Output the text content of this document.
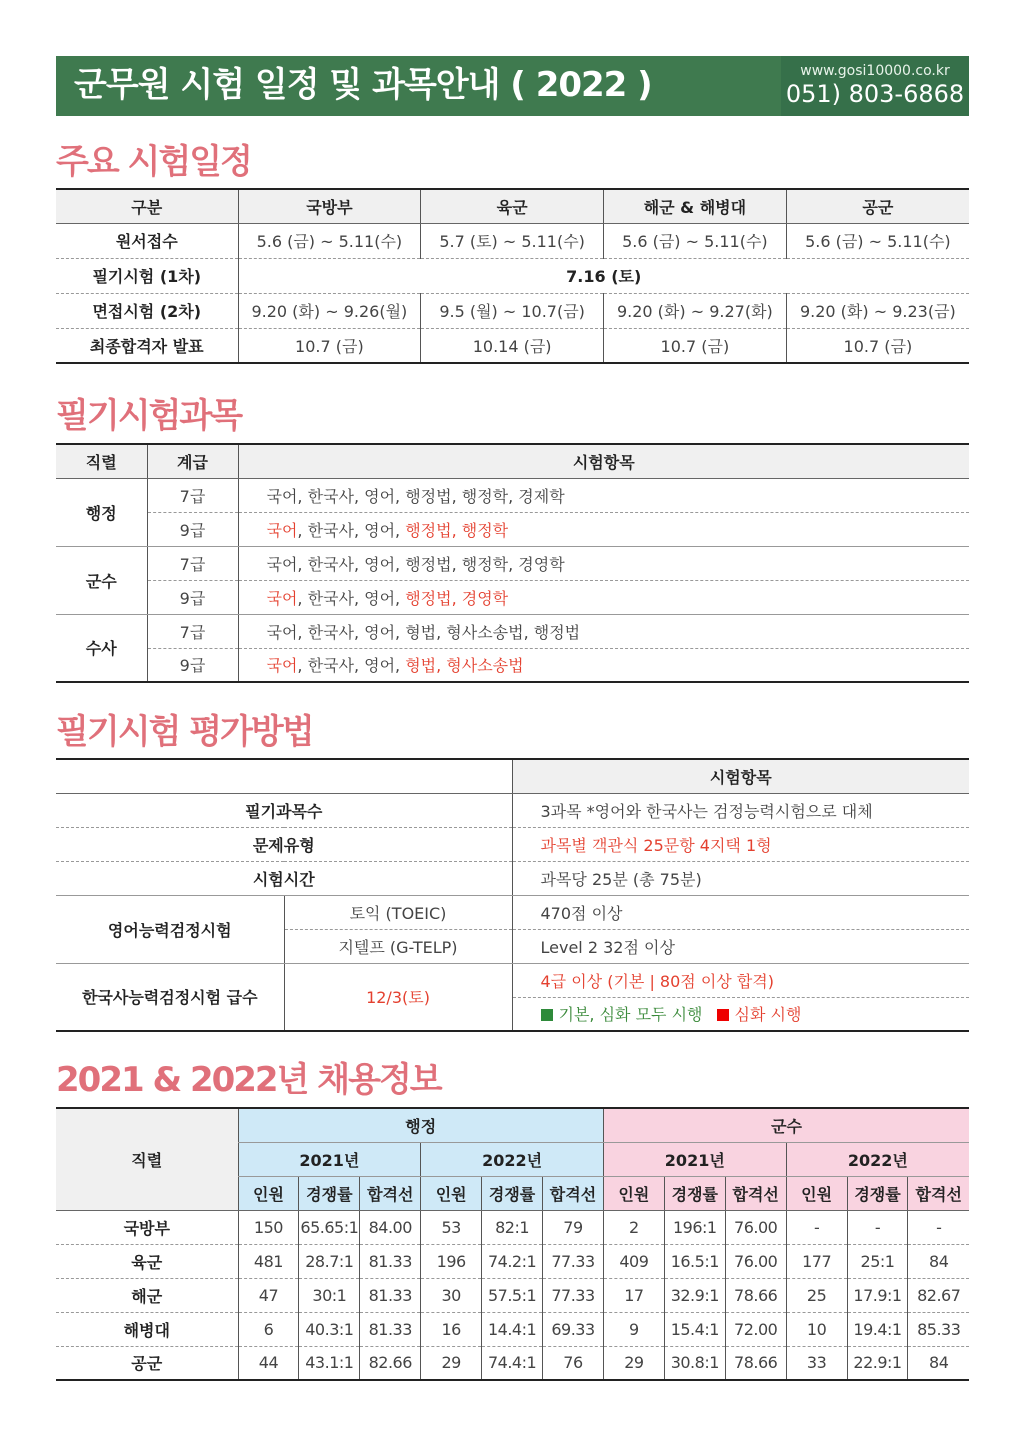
군무원 시험 일정 및 과목안내 ( 2022 )	www.gosi10000.co.kr
051) 803-6868
주요 시험일정
구분	국방부	육군	해군 & 해병대	공군
원서접수	5.6 (금) ~ 5.11(수)	5.7 (토) ~ 5.11(수)	5.6 (금) ~ 5.11(수)	5.6 (금) ~ 5.11(수)
필기시험 (1차)	7.16 (토)			
면접시험 (2차)	9.20 (화) ~ 9.26(월)	9.5 (월) ~ 10.7(금)	9.20 (화) ~ 9.27(화)	9.20 (화) ~ 9.23(금)
최종합격자 발표	10.7 (금)	10.14 (금)	10.7 (금)	10.7 (금)
필기시험과목
직렬	계급	시험항목
행정	7급	국어, 한국사, 영어, 행정법, 행정학, 경제학
	9급	국어, 한국사, 영어, 행정법, 행정학
군수	7급	국어, 한국사, 영어, 행정법, 행정학, 경영학
	9급	국어, 한국사, 영어, 행정법, 경영학
수사	7급	국어, 한국사, 영어, 형법, 형사소송법, 행정법
	9급	국어, 한국사, 영어, 형법, 형사소송법
필기시험 평가방법
		시험항목
필기과목수		3과목 *영어와 한국사는 검정능력시험으로 대체
문제유형		과목별 객관식 25문항 4지택 1형
시험시간		과목당 25분 (총 75분)
영어능력검정시험	토익 (TOEIC)	470점 이상
	지텔프 (G-TELP)	Level 2 32점 이상
한국사능력검정시험 급수	12/3(토)	4급 이상 (기본 | 80점 이상 합격)
		기본, 심화 모두 시행 심화 시행
2021 & 2022년 채용정보
직렬	행정						군수					
	2021년			2022년			2021년			2022년		
	인원	경쟁률	합격선	인원	경쟁률	합격선	인원	경쟁률	합격선	인원	경쟁률	합격선
국방부	150	65.65:1	84.00	53	82:1	79	2	196:1	76.00	-	-	-
육군	481	28.7:1	81.33	196	74.2:1	77.33	409	16.5:1	76.00	177	25:1	84
해군	47	30:1	81.33	30	57.5:1	77.33	17	32.9:1	78.66	25	17.9:1	82.67
해병대	6	40.3:1	81.33	16	14.4:1	69.33	9	15.4:1	72.00	10	19.4:1	85.33
공군	44	43.1:1	82.66	29	74.4:1	76	29	30.8:1	78.66	33	22.9:1	84
